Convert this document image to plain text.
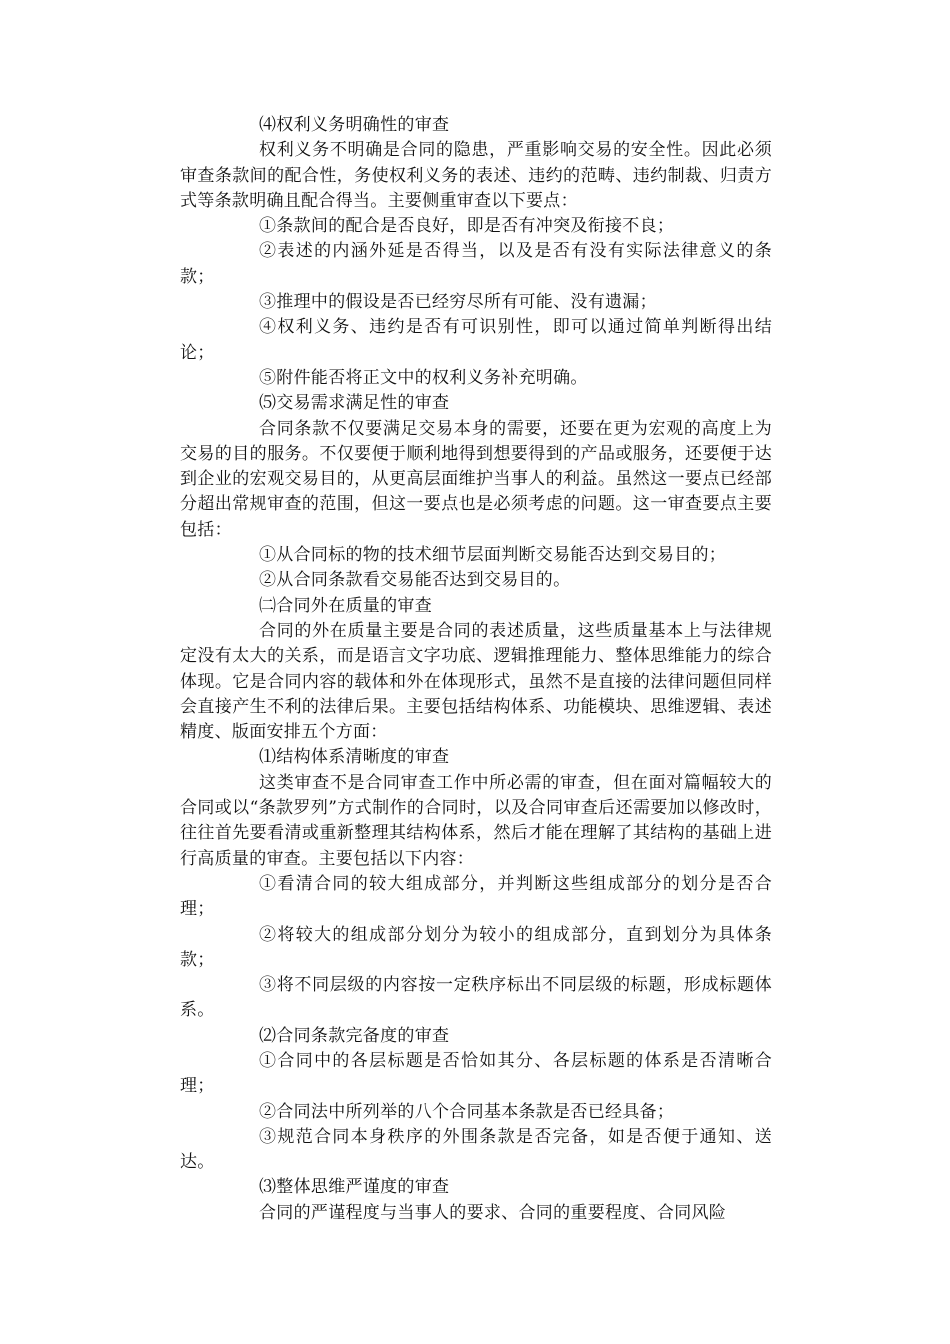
⑷权利义务明确性的审查

权利义务不明确是合同的隐患，严重影响交易的安全性。因此必须审查条款间的配合性，务使权利义务的表述、违约的范畴、违约制裁、归责方式等条款明确且配合得当。主要侧重审查以下要点：

①条款间的配合是否良好，即是否有冲突及衔接不良；

②表述的内涵外延是否得当，以及是否有没有实际法律意义的条款；

③推理中的假设是否已经穷尽所有可能、没有遗漏；

④权利义务、违约是否有可识别性，即可以通过简单判断得出结论；

⑤附件能否将正文中的权利义务补充明确。

⑸交易需求满足性的审查

合同条款不仅要满足交易本身的需要，还要在更为宏观的高度上为交易的目的服务。不仅要便于顺利地得到想要得到的产品或服务，还要便于达到企业的宏观交易目的，从更高层面维护当事人的利益。虽然这一要点已经部分超出常规审查的范围，但这一要点也是必须考虑的问题。这一审查要点主要包括：

①从合同标的物的技术细节层面判断交易能否达到交易目的；

②从合同条款看交易能否达到交易目的。

㈡合同外在质量的审查

合同的外在质量主要是合同的表述质量，这些质量基本上与法律规定没有太大的关系，而是语言文字功底、逻辑推理能力、整体思维能力的综合体现。它是合同内容的载体和外在体现形式，虽然不是直接的法律问题但同样会直接产生不利的法律后果。主要包括结构体系、功能模块、思维逻辑、表述精度、版面安排五个方面：

⑴结构体系清晰度的审查

这类审查不是合同审查工作中所必需的审查，但在面对篇幅较大的合同或以“条款罗列”方式制作的合同时，以及合同审查后还需要加以修改时，往往首先要看清或重新整理其结构体系，然后才能在理解了其结构的基础上进行高质量的审查。主要包括以下内容：

①看清合同的较大组成部分，并判断这些组成部分的划分是否合理；

②将较大的组成部分划分为较小的组成部分，直到划分为具体条款；

③将不同层级的内容按一定秩序标出不同层级的标题，形成标题体系。

⑵合同条款完备度的审查

①合同中的各层标题是否恰如其分、各层标题的体系是否清晰合理；

②合同法中所列举的八个合同基本条款是否已经具备；

③规范合同本身秩序的外围条款是否完备，如是否便于通知、送达。

⑶整体思维严谨度的审查

合同的严谨程度与当事人的要求、合同的重要程度、合同风险
